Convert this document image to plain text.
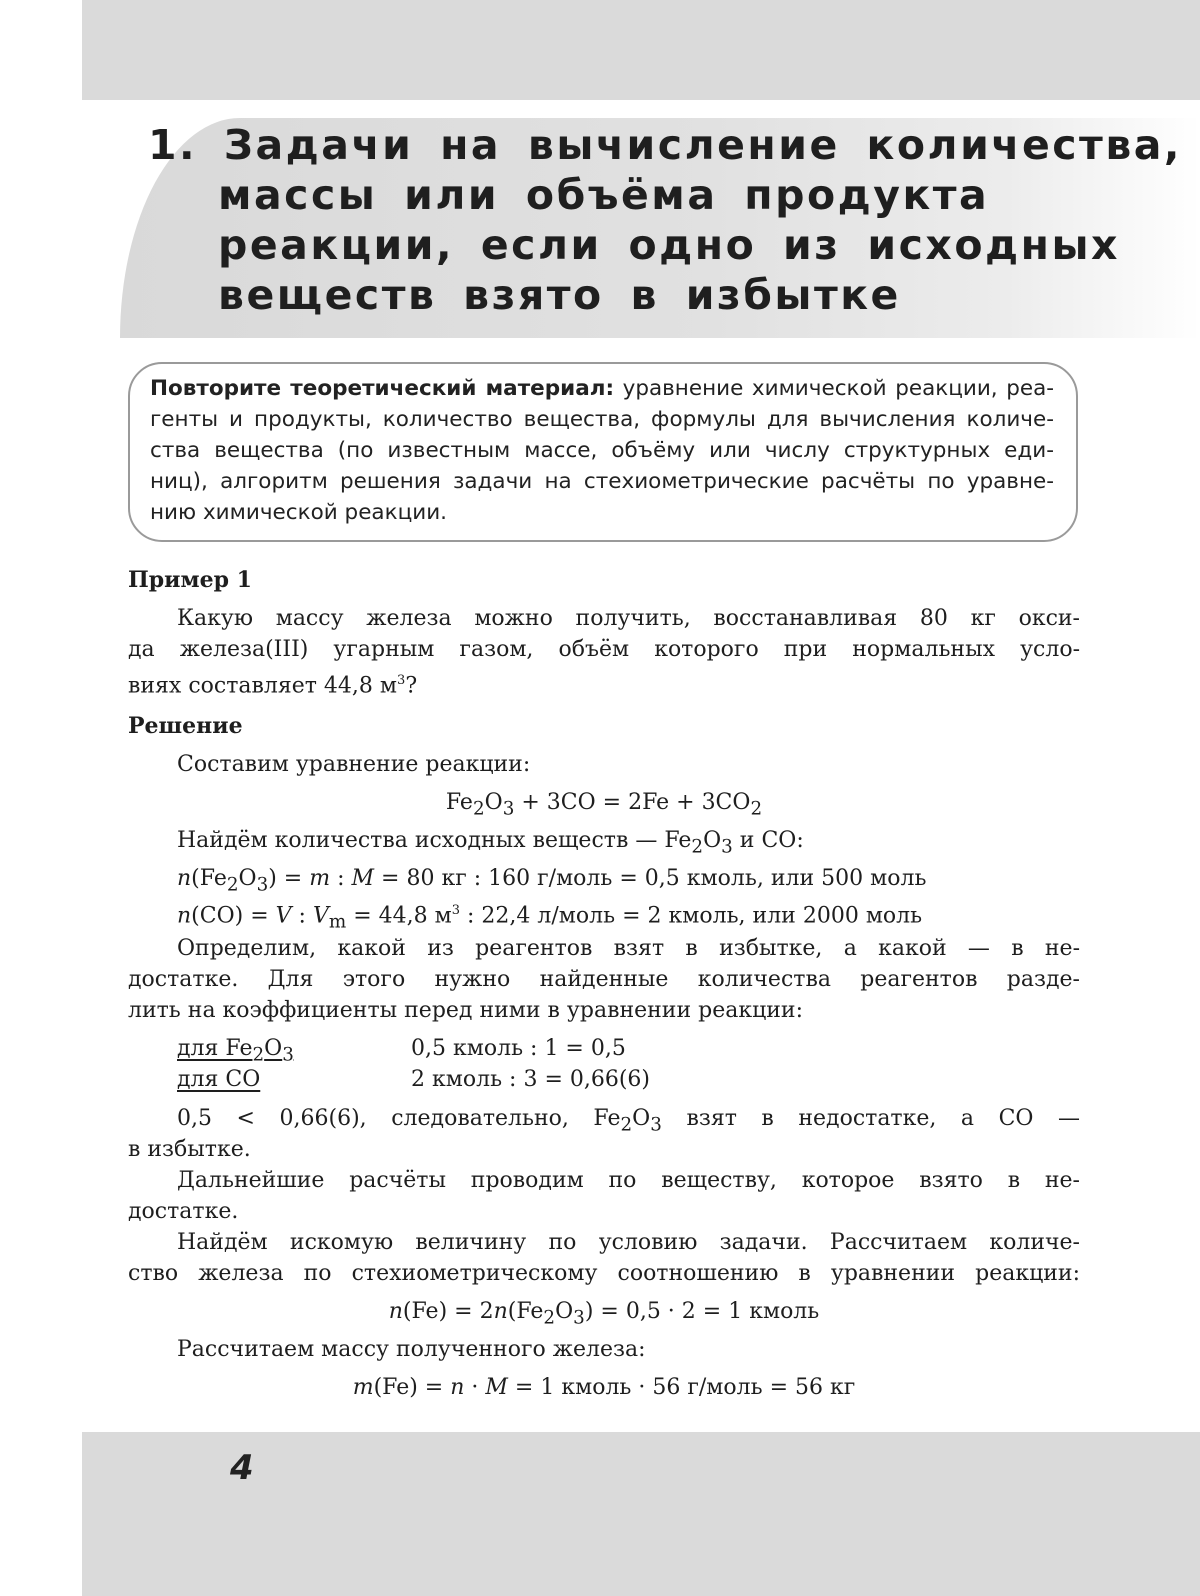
1. Задачи на вычисление количества,
массы или объёма продукта
реакции, если одно из исходных
веществ взято в избытке
Повторите теоретический материал: уравнение химической реакции, реа-
генты и продукты, количество вещества, формулы для вычисления количе-
ства вещества (по известным массе, объёму или числу структурных еди-
ниц), алгоритм решения задачи на стехиометрические расчёты по уравне-
нию химической реакции.
Пример 1
Какую массу железа можно получить, восстанавливая 80 кг окси-
да железа(III) угарным газом, объём которого при нормальных усло-
виях составляет 44,8 $м^3$?
Решение
Составим уравнение реакции:
$Fe_2O_3 + 3CO = 2Fe + 3CO_2$
Найдём количества исходных веществ — $Fe_2O_3$ и CO:
$n(Fe_2O_3) = m$ : M = 80 кг : 160 г/моль = 0,5 кмоль, или 500 моль
n(CO) = V : $V_m = 44,8$ $м^3$ : 22,4 л/моль = 2 кмоль, или 2000 моль
Определим, какой из реагентов взят в избытке, а какой — в не-
достатке. Для этого нужно найденные количества реагентов разде-
лить на коэффициенты перед ними в уравнении реакции:
для $Fe_2O_3$	0,5 кмоль : 1 = 0,5
для CO	2 кмоль : 3 = 0,66(6)
0,5 < 0,66(6), следовательно, $Fe_2O_3$ взят в недостатке, а CO —
в избытке.
Дальнейшие расчёты проводим по веществу, которое взято в не-
достатке.
Найдём искомую величину по условию задачи. Рассчитаем количе-
ство железа по стехиометрическому соотношению в уравнении реакции:
$n(Fe) = 2n(Fe_2O_3) = 0,5 \cdot 2 = 1$ кмоль
Рассчитаем массу полученного железа:
m(Fe) = n · M = 1 кмоль · 56 г/моль = 56 кг
4
